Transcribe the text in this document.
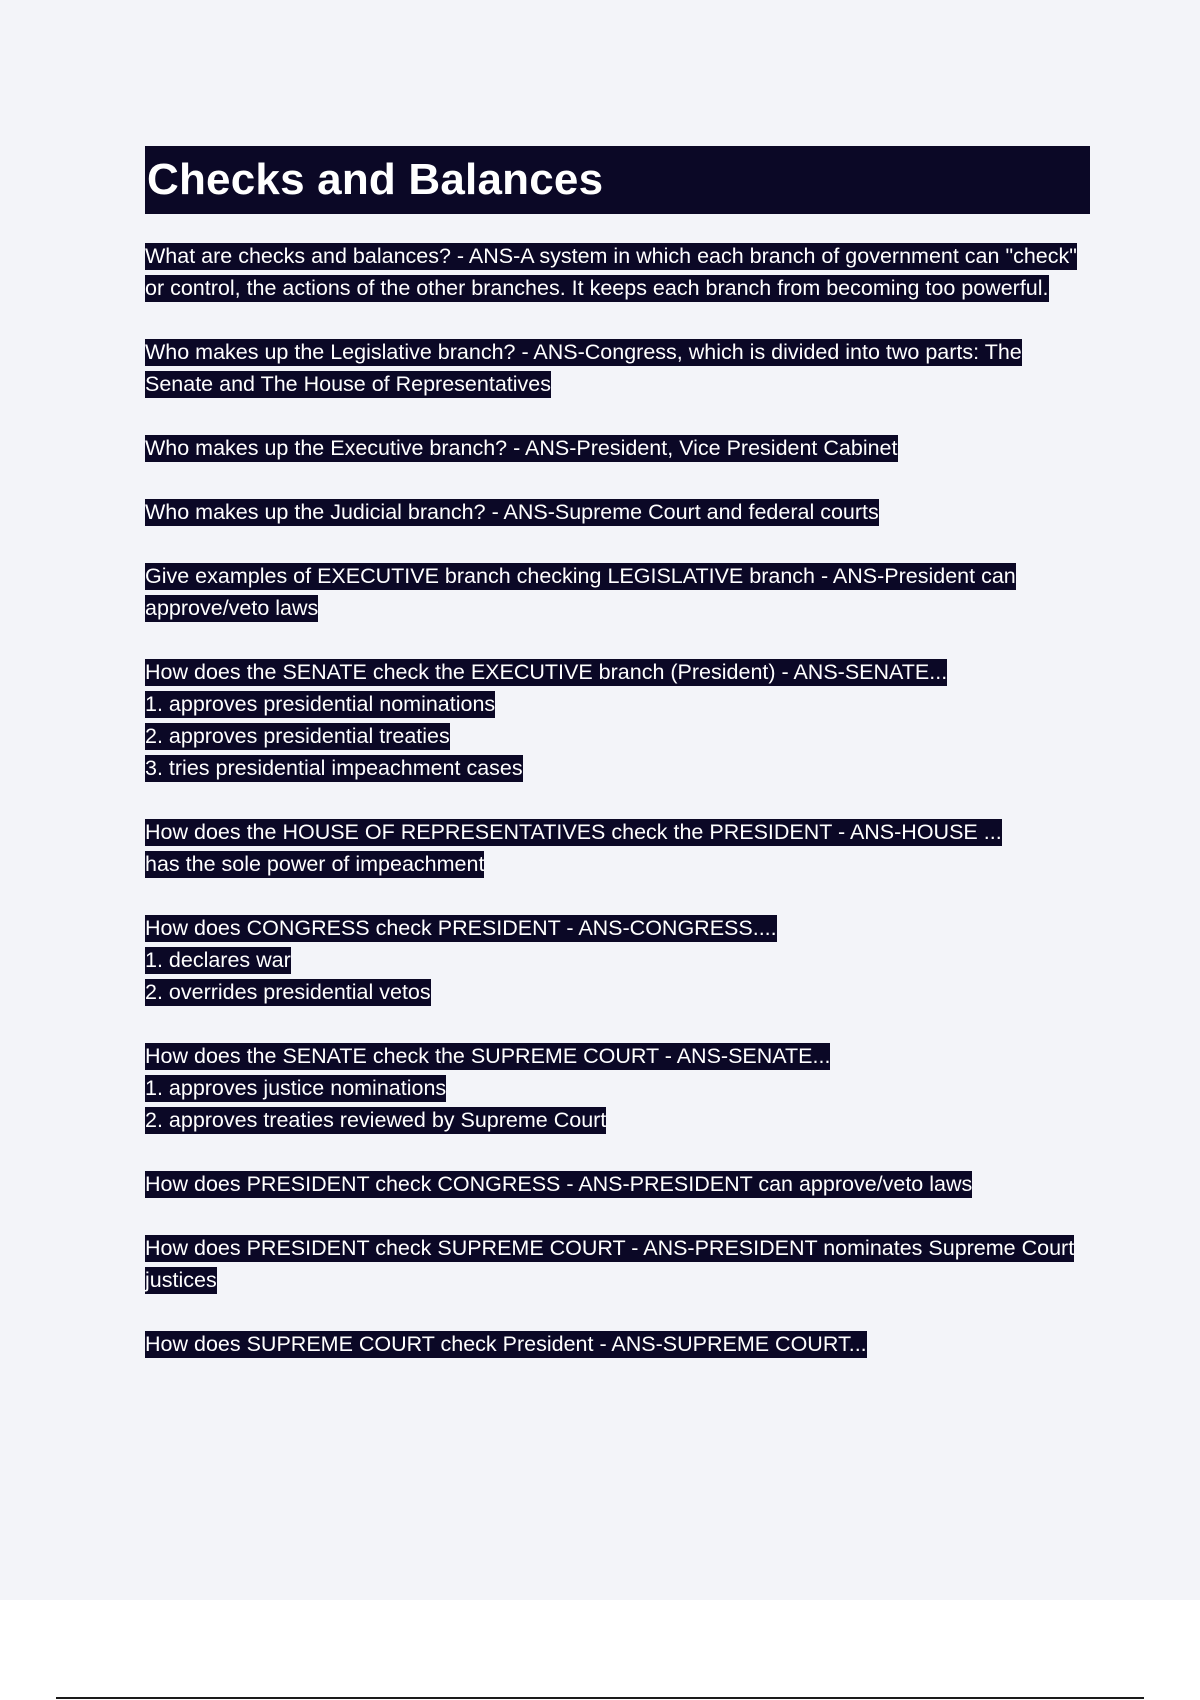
Checks and Balances

What are checks and balances? - ANS-A system in which each branch of government can "check" or control, the actions of the other branches. It keeps each branch from becoming too powerful.

Who makes up the Legislative branch? - ANS-Congress, which is divided into two parts: The Senate and The House of Representatives

Who makes up the Executive branch? - ANS-President, Vice President Cabinet

Who makes up the Judicial branch? - ANS-Supreme Court and federal courts

Give examples of EXECUTIVE branch checking LEGISLATIVE branch - ANS-President can approve/veto laws

How does the SENATE check the EXECUTIVE branch (President) - ANS-SENATE...
1. approves presidential nominations
2. approves presidential treaties
3. tries presidential impeachment cases

How does the HOUSE OF REPRESENTATIVES check the PRESIDENT - ANS-HOUSE ...
has the sole power of impeachment

How does CONGRESS check PRESIDENT - ANS-CONGRESS....
1. declares war
2. overrides presidential vetos

How does the SENATE check the SUPREME COURT - ANS-SENATE...
1. approves justice nominations
2. approves treaties reviewed by Supreme Court

How does PRESIDENT check CONGRESS - ANS-PRESIDENT can approve/veto laws

How does PRESIDENT check SUPREME COURT - ANS-PRESIDENT nominates Supreme Court justices

How does SUPREME COURT check President - ANS-SUPREME COURT...
